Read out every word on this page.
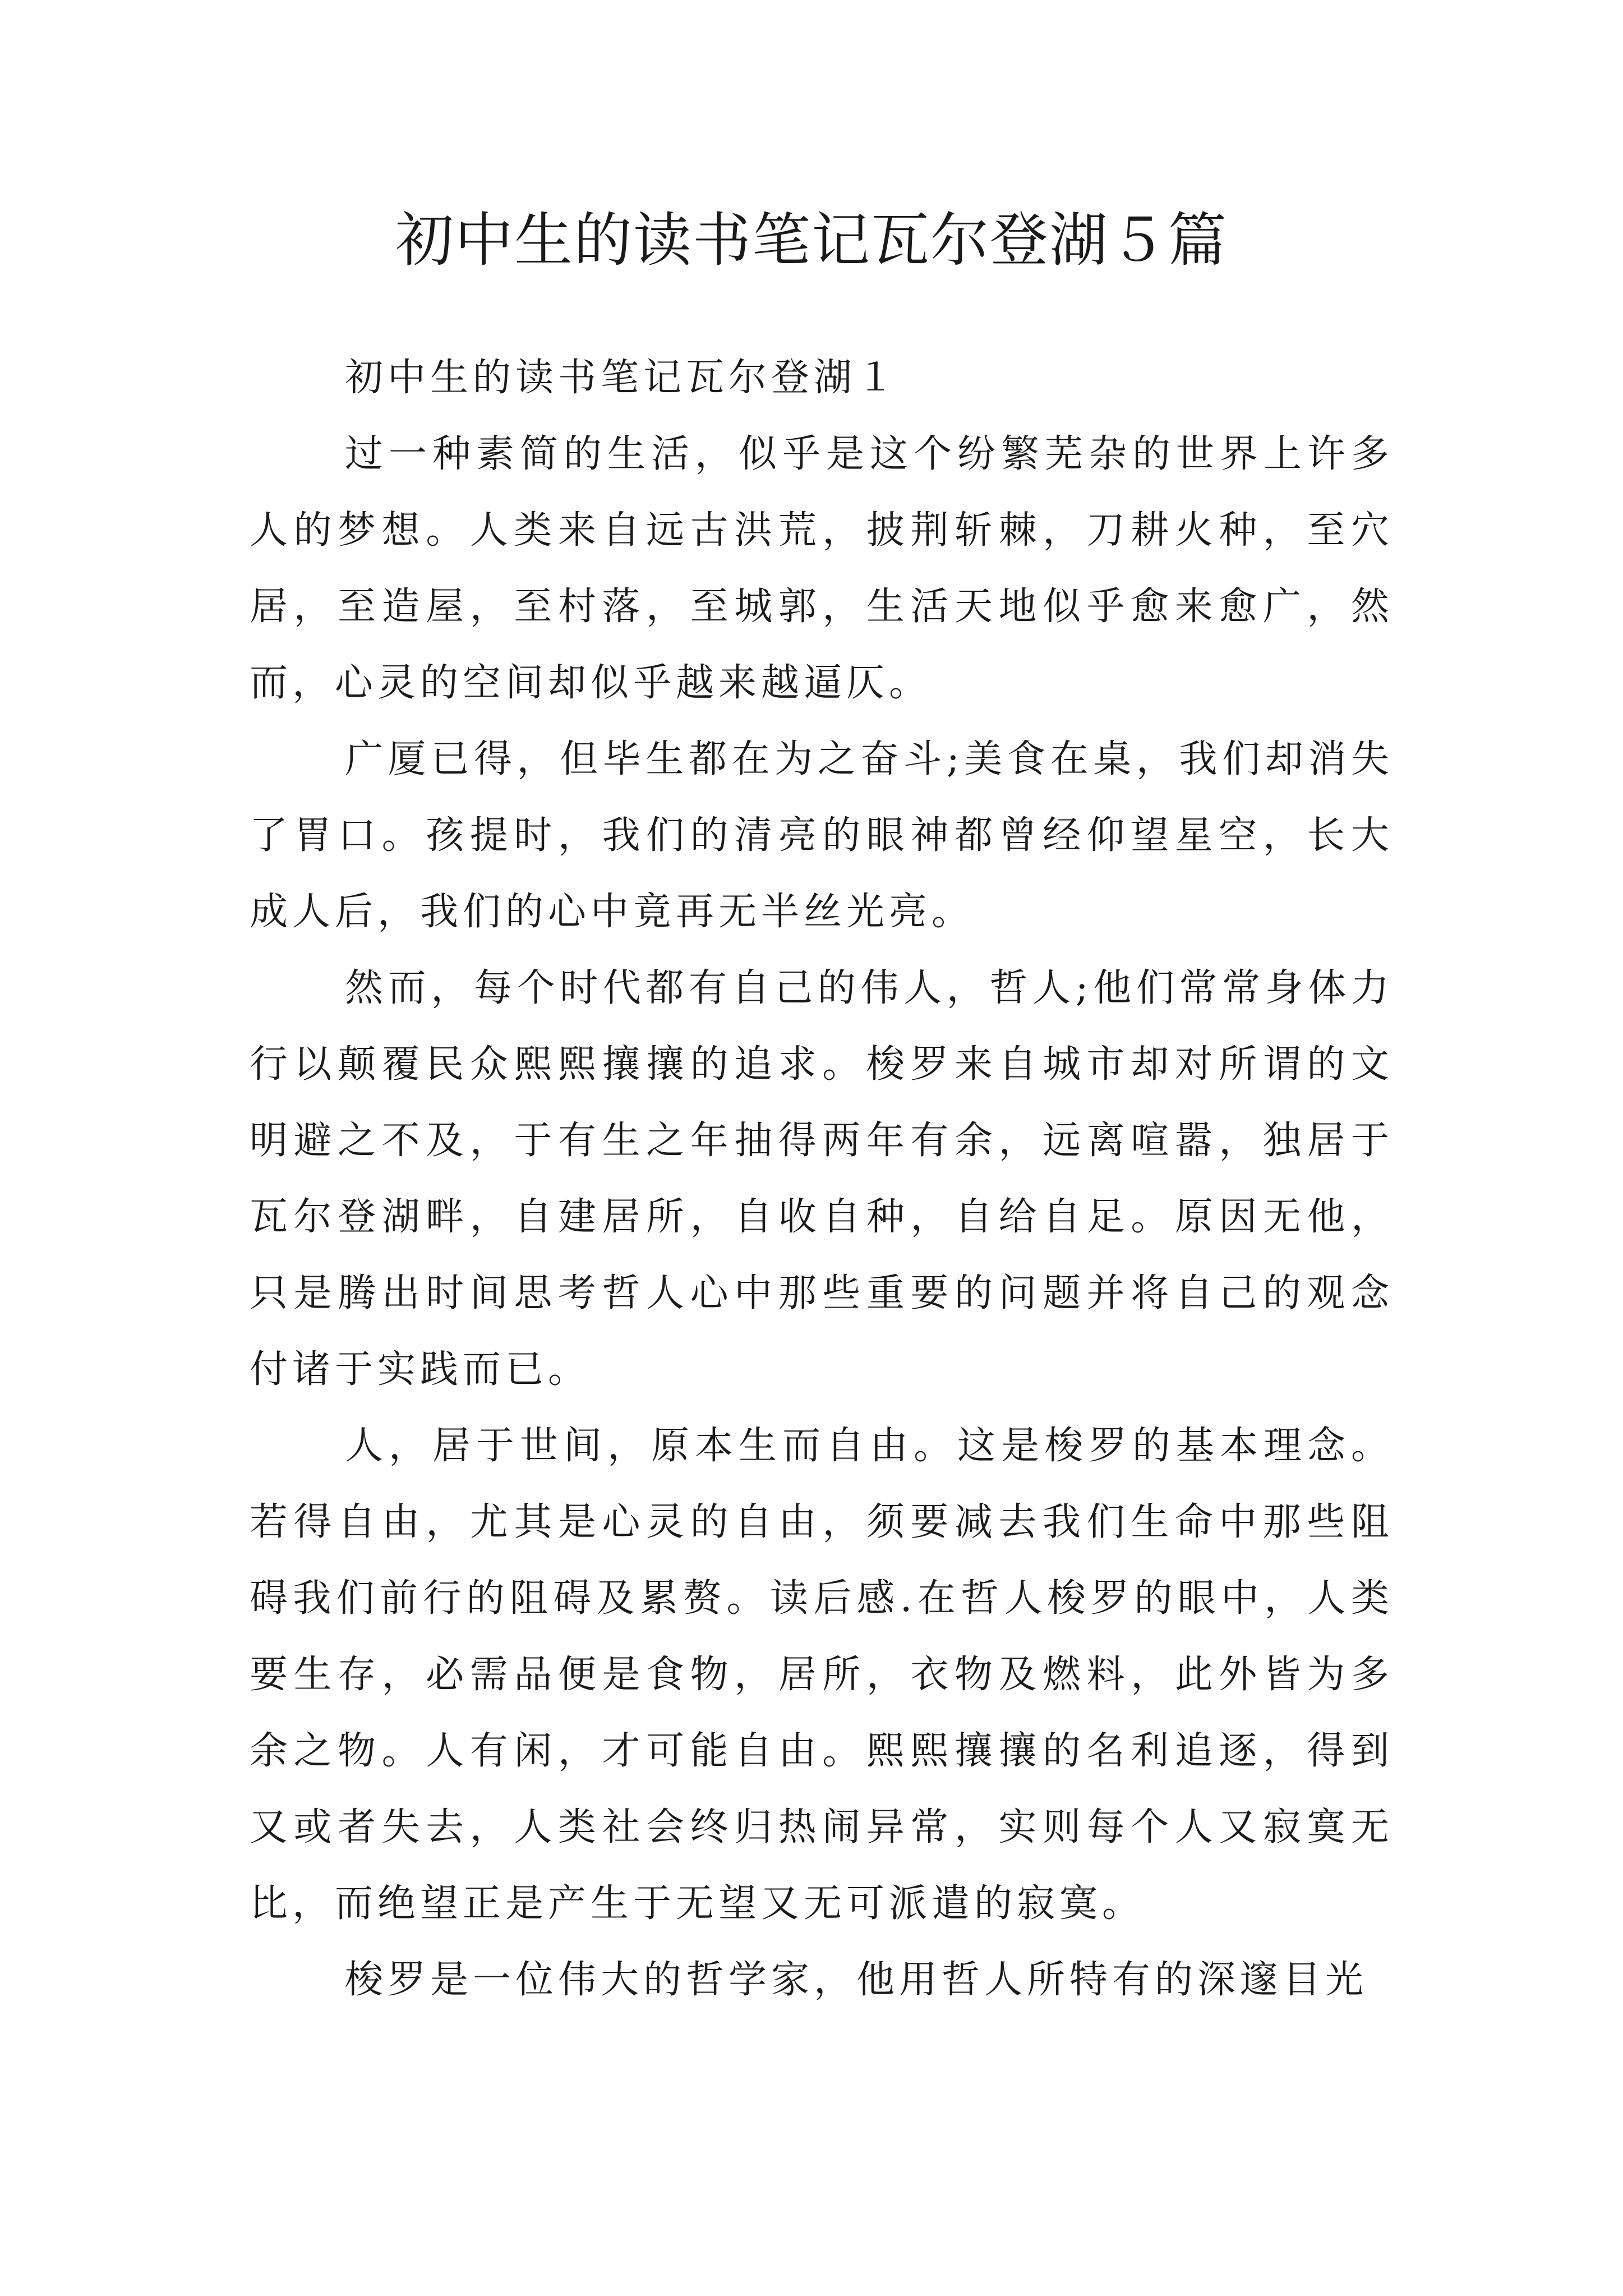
初中生的读书笔记瓦尔登湖５篇

初中生的读书笔记瓦尔登湖１

过一种素简的生活，似乎是这个纷繁芜杂的世界上许多人的梦想。人类来自远古洪荒，披荆斩棘，刀耕火种，至穴居，至造屋，至村落，至城郭，生活天地似乎愈来愈广，然而，心灵的空间却似乎越来越逼仄。

广厦已得，但毕生都在为之奋斗;美食在桌，我们却消失了胃口。孩提时，我们的清亮的眼神都曾经仰望星空，长大成人后，我们的心中竟再无半丝光亮。

然而，每个时代都有自己的伟人，哲人;他们常常身体力行以颠覆民众熙熙攘攘的追求。梭罗来自城市却对所谓的文明避之不及，于有生之年抽得两年有余，远离喧嚣，独居于瓦尔登湖畔，自建居所，自收自种，自给自足。原因无他，只是腾出时间思考哲人心中那些重要的问题并将自己的观念付诸于实践而已。

人，居于世间，原本生而自由。这是梭罗的基本理念。若得自由，尤其是心灵的自由，须要减去我们生命中那些阻碍我们前行的阻碍及累赘。读后感.在哲人梭罗的眼中，人类要生存，必需品便是食物，居所，衣物及燃料，此外皆为多余之物。人有闲，才可能自由。熙熙攘攘的名利追逐，得到又或者失去，人类社会终归热闹异常，实则每个人又寂寞无比，而绝望正是产生于无望又无可派遣的寂寞。

梭罗是一位伟大的哲学家，他用哲人所特有的深邃目光
